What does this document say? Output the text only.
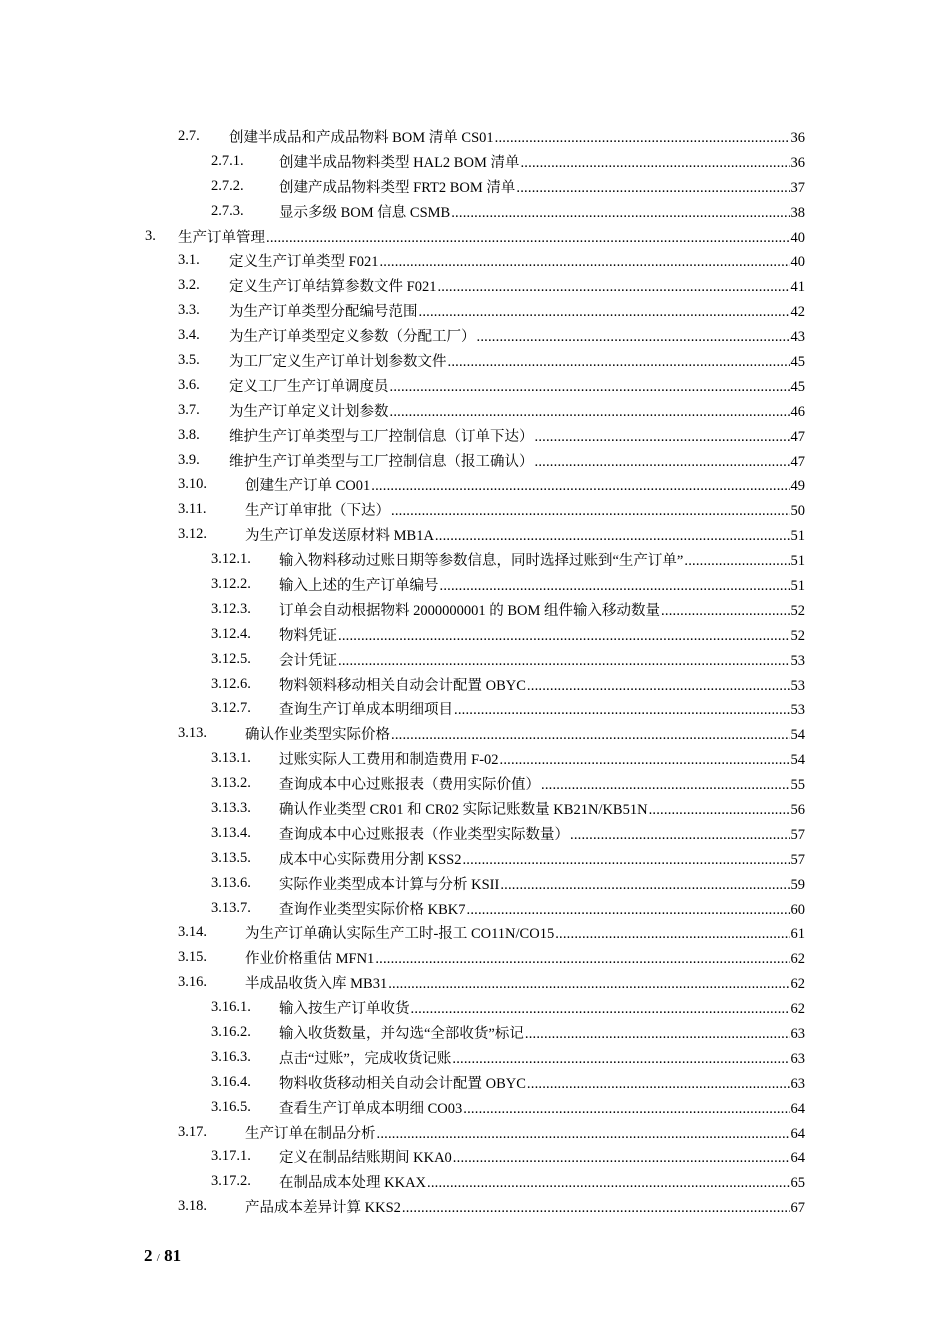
2.7. 创建半成品和产成品物料 BOM 清单 CS01 .....	36
2.7.1. 创建半成品物料类型 HAL2 BOM 清单 .....	36
2.7.2. 创建产成品物料类型 FRT2 BOM 清单 .....	37
2.7.3. 显示多级 BOM 信息 CSMB .....	38
3. 生产订单管理 .....	40
3.1. 定义生产订单类型 F021 .....	40
3.2. 定义生产订单结算参数文件 F021 .....	41
3.3. 为生产订单类型分配编号范围 .....	42
3.4. 为生产订单类型定义参数（分配工厂） .....	43
3.5. 为工厂定义生产订单计划参数文件 .....	45
3.6. 定义工厂生产订单调度员 .....	45
3.7. 为生产订单定义计划参数 .....	46
3.8. 维护生产订单类型与工厂控制信息（订单下达） .....	47
3.9. 维护生产订单类型与工厂控制信息（报工确认） .....	47
3.10.	创建生产订单 CO01 .....	49
3.11.	生产订单审批（下达） .....	50
3.12.	为生产订单发送原材料 MB1A .....	51
3.12.1. 输入物料移动过账日期等参数信息，同时选择过账到“生产订单” .....	51
3.12.2. 输入上述的生产订单编号 .....	51
3.12.3. 订单会自动根据物料 2000000001 的 BOM 组件输入移动数量 .....	52
3.12.4. 物料凭证 .....	52
3.12.5. 会计凭证 .....	53
3.12.6. 物料领料移动相关自动会计配置 OBYC .....	53
3.12.7. 查询生产订单成本明细项目 .....	53
3.13.	确认作业类型实际价格 .....	54
3.13.1. 过账实际人工费用和制造费用 F-02 .....	54
3.13.2. 查询成本中心过账报表（费用实际价值） .....	55
3.13.3. 确认作业类型 CR01 和 CR02 实际记账数量 KB21N/KB51N .....	56
3.13.4. 查询成本中心过账报表（作业类型实际数量） .....	57
3.13.5. 成本中心实际费用分割 KSS2 .....	57
3.13.6. 实际作业类型成本计算与分析 KSII .....	59
3.13.7. 查询作业类型实际价格 KBK7 .....	60
3.14.	为生产订单确认实际生产工时-报工 CO11N/CO15 .....	61
3.15.	作业价格重估 MFN1 .....	62
3.16.	半成品收货入库 MB31 .....	62
3.16.1. 输入按生产订单收货 .....	62
3.16.2. 输入收货数量，并勾选“全部收货”标记 .....	63
3.16.3. 点击“过账”，完成收货记账 .....	63
3.16.4. 物料收货移动相关自动会计配置 OBYC .....	63
3.16.5. 查看生产订单成本明细 CO03 .....	64
3.17.	生产订单在制品分析 .....	64
3.17.1. 定义在制品结账期间 KKA0 .....	64
3.17.2. 在制品成本处理 KKAX .....	65
3.18.	产品成本差异计算 KKS2 .....	67
2 / 81
